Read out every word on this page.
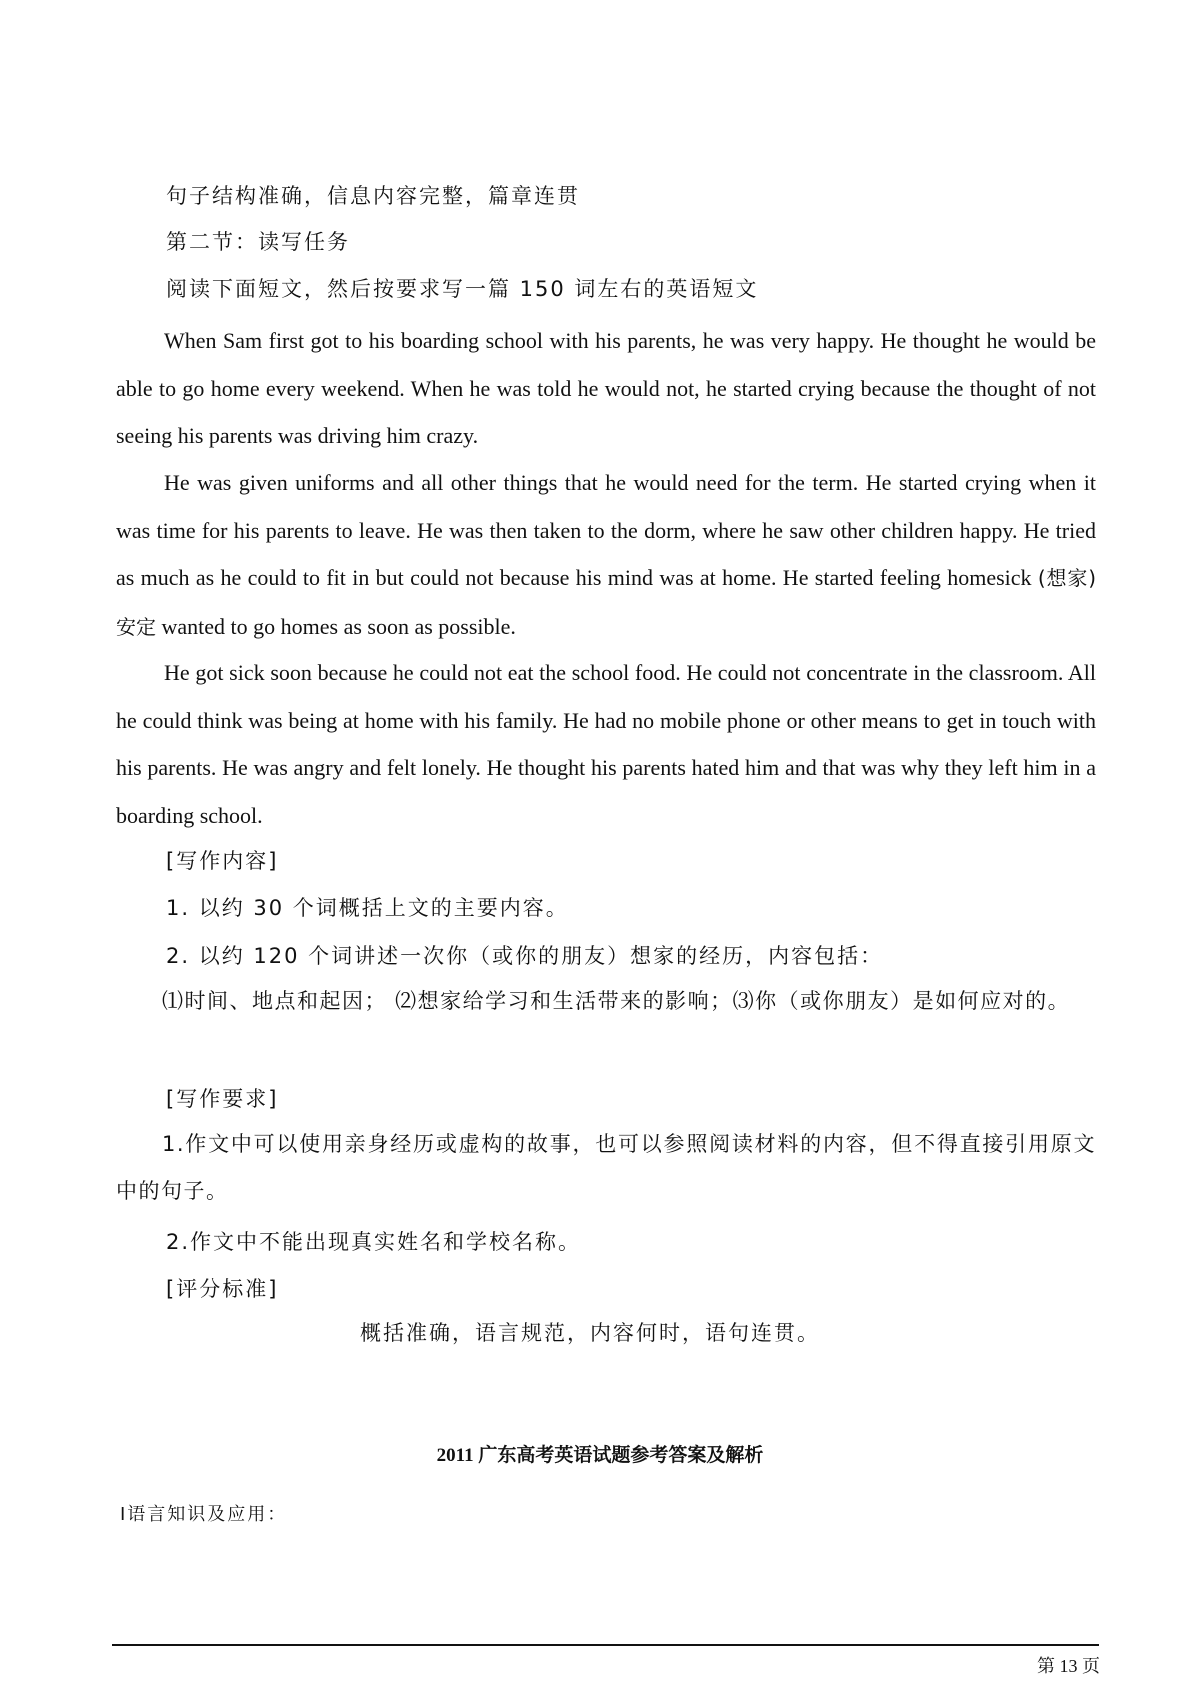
句子结构准确，信息内容完整，篇章连贯
第二节：读写任务
阅读下面短文，然后按要求写一篇 150 词左右的英语短文

When Sam first got to his boarding school with his parents, he was very happy. He thought he would be able to go home every weekend. When he was told he would not, he started crying because the thought of not seeing his parents was driving him crazy.

He was given uniforms and all other things that he would need for the term. He started crying when it was time for his parents to leave. He was then taken to the dorm, where he saw other children happy. He tried as much as he could to fit in but could not because his mind was at home. He started feeling homesick (想家) 安定 wanted to go homes as soon as possible.

He got sick soon because he could not eat the school food. He could not concentrate in the classroom. All he could think was being at home with his family. He had no mobile phone or other means to get in touch with his parents. He was angry and felt lonely. He thought his parents hated him and that was why they left him in a boarding school.

[写作内容]
1. 以约 30 个词概括上文的主要内容。
2. 以约 120 个词讲述一次你（或你的朋友）想家的经历，内容包括：

⑴时间、地点和起因； ⑵想家给学习和生活带来的影响；⑶你（或你朋友）是如何应对的。

[写作要求]

1.作文中可以使用亲身经历或虚构的故事，也可以参照阅读材料的内容，但不得直接引用原文中的句子。

2.作文中不能出现真实姓名和学校名称。
[评分标准]
概括准确，语言规范，内容何时，语句连贯。
2011 广东高考英语试题参考答案及解析
Ⅰ语言知识及应用：
第 13 页
